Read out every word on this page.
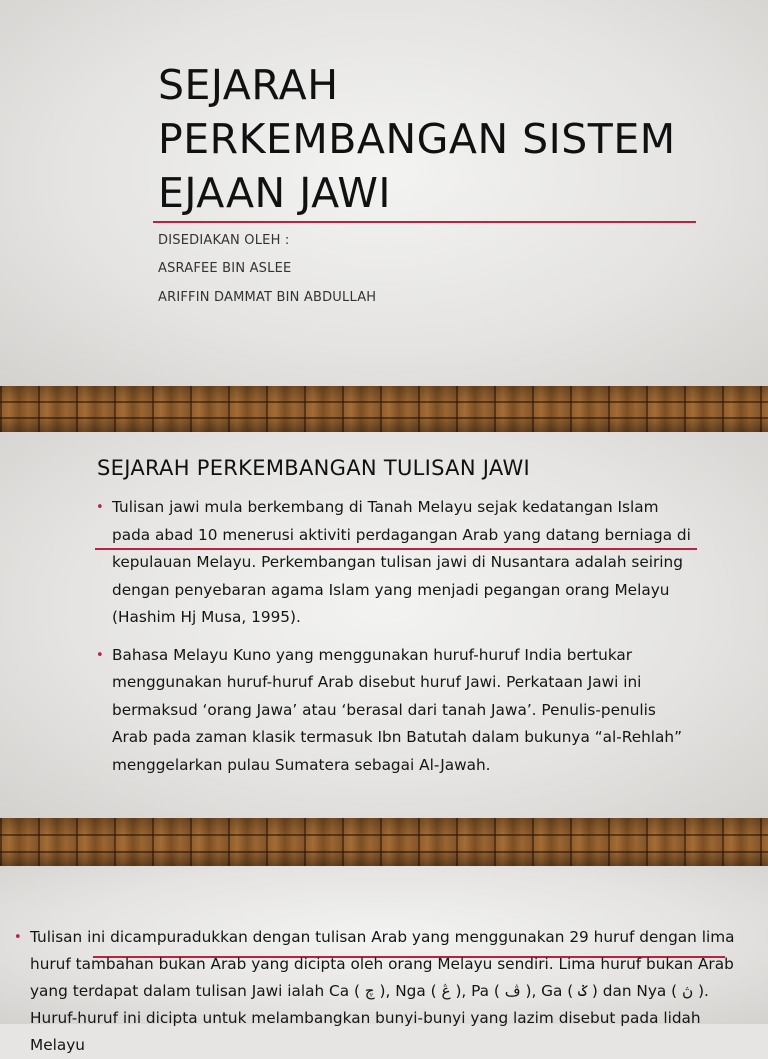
SEJARAH
PERKEMBANGAN SISTEM
EJAAN JAWI
DISEDIAKAN OLEH :
ASRAFEE BIN ASLEE
ARIFFIN DAMMAT BIN ABDULLAH
SEJARAH PERKEMBANGAN TULISAN JAWI
• Tulisan jawi mula berkembang di Tanah Melayu sejak kedatangan Islam pada abad 10 menerusi aktiviti perdagangan Arab yang datang berniaga di kepulauan Melayu. Perkembangan tulisan jawi di Nusantara adalah seiring dengan penyebaran agama Islam yang menjadi pegangan orang Melayu (Hashim Hj Musa, 1995).
• Bahasa Melayu Kuno yang menggunakan huruf-huruf India bertukar menggunakan huruf-huruf Arab disebut huruf Jawi. Perkataan Jawi ini bermaksud ‘orang Jawa’ atau ‘berasal dari tanah Jawa’. Penulis-penulis Arab pada zaman klasik termasuk Ibn Batutah dalam bukunya “al-Rehlah” menggelarkan pulau Sumatera sebagai Al-Jawah.
• Tulisan ini dicampuradukkan dengan tulisan Arab yang menggunakan 29 huruf dengan lima huruf tambahan bukan Arab yang dicipta oleh orang Melayu sendiri. Lima huruf bukan Arab yang terdapat dalam tulisan Jawi ialah Ca ( چ ), Nga ( ڠ ), Pa ( ڤ ), Ga ( ݢ ) dan Nya ( ڽ ). Huruf-huruf ini dicipta untuk melambangkan bunyi-bunyi yang lazim disebut pada lidah Melayu
